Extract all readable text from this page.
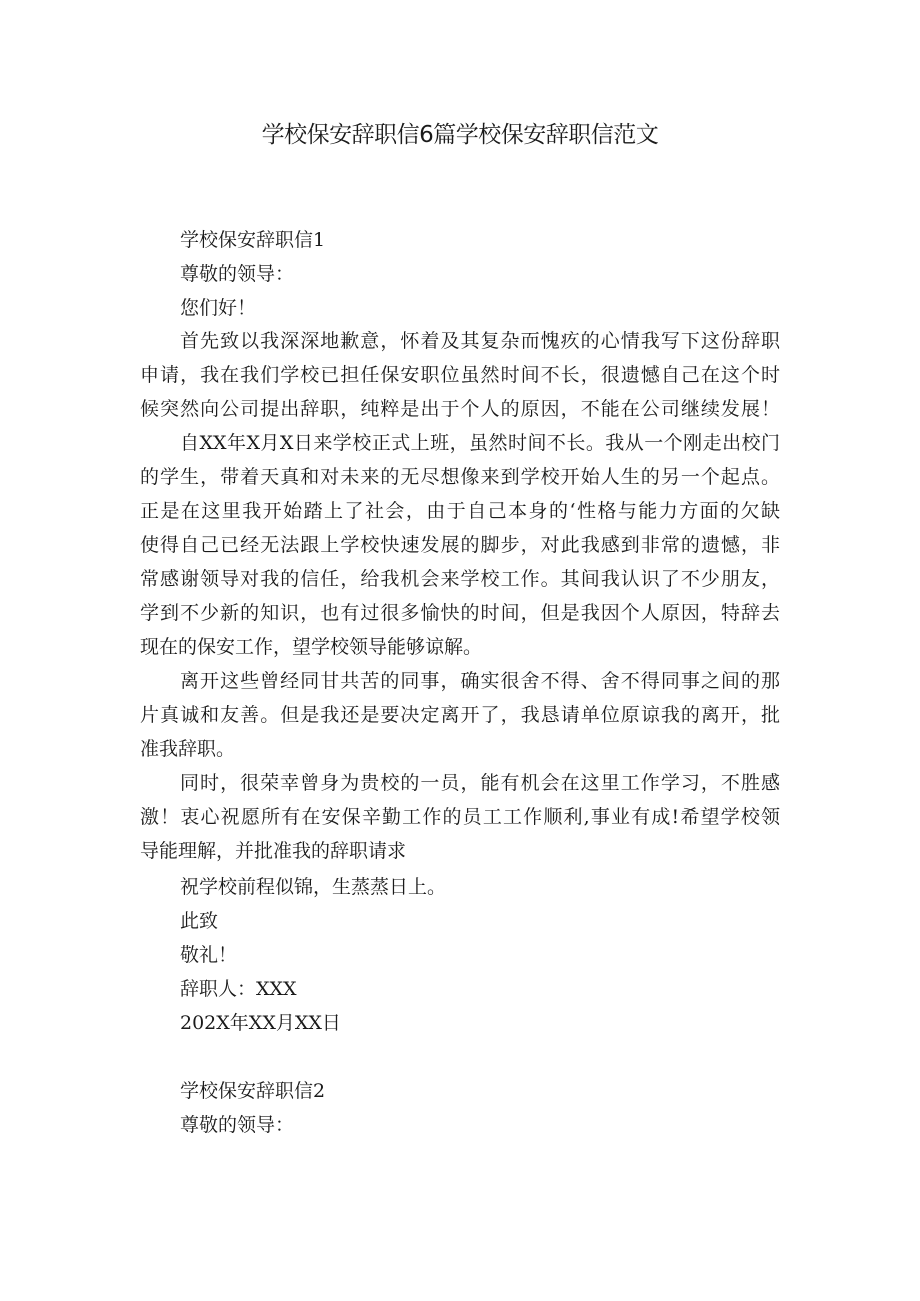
学校保安辞职信6篇学校保安辞职信范文

学校保安辞职信1

尊敬的领导：

您们好！

首先致以我深深地歉意，怀着及其复杂而愧疚的心情我写下这份辞职

申请，我在我们学校已担任保安职位虽然时间不长，很遗憾自己在这个时

候突然向公司提出辞职，纯粹是出于个人的原因，不能在公司继续发展！

自XX年X月X日来学校正式上班，虽然时间不长。我从一个刚走出校门

的学生，带着天真和对未来的无尽想像来到学校开始人生的另一个起点。

正是在这里我开始踏上了社会，由于自己本身的‘性格与能力方面的欠缺

使得自己已经无法跟上学校快速发展的脚步，对此我感到非常的遗憾，非

常感谢领导对我的信任，给我机会来学校工作。其间我认识了不少朋友，

学到不少新的知识，也有过很多愉快的时间，但是我因个人原因，特辞去

现在的保安工作，望学校领导能够谅解。

离开这些曾经同甘共苦的同事，确实很舍不得、舍不得同事之间的那

片真诚和友善。但是我还是要决定离开了，我恳请单位原谅我的离开，批

准我辞职。

同时，很荣幸曾身为贵校的一员，能有机会在这里工作学习，不胜感

激！衷心祝愿所有在安保辛勤工作的员工工作顺利,事业有成!希望学校领

导能理解，并批准我的辞职请求

祝学校前程似锦，生蒸蒸日上。

此致

敬礼！

辞职人：XXX

202X年XX月XX日

学校保安辞职信2

尊敬的领导：
